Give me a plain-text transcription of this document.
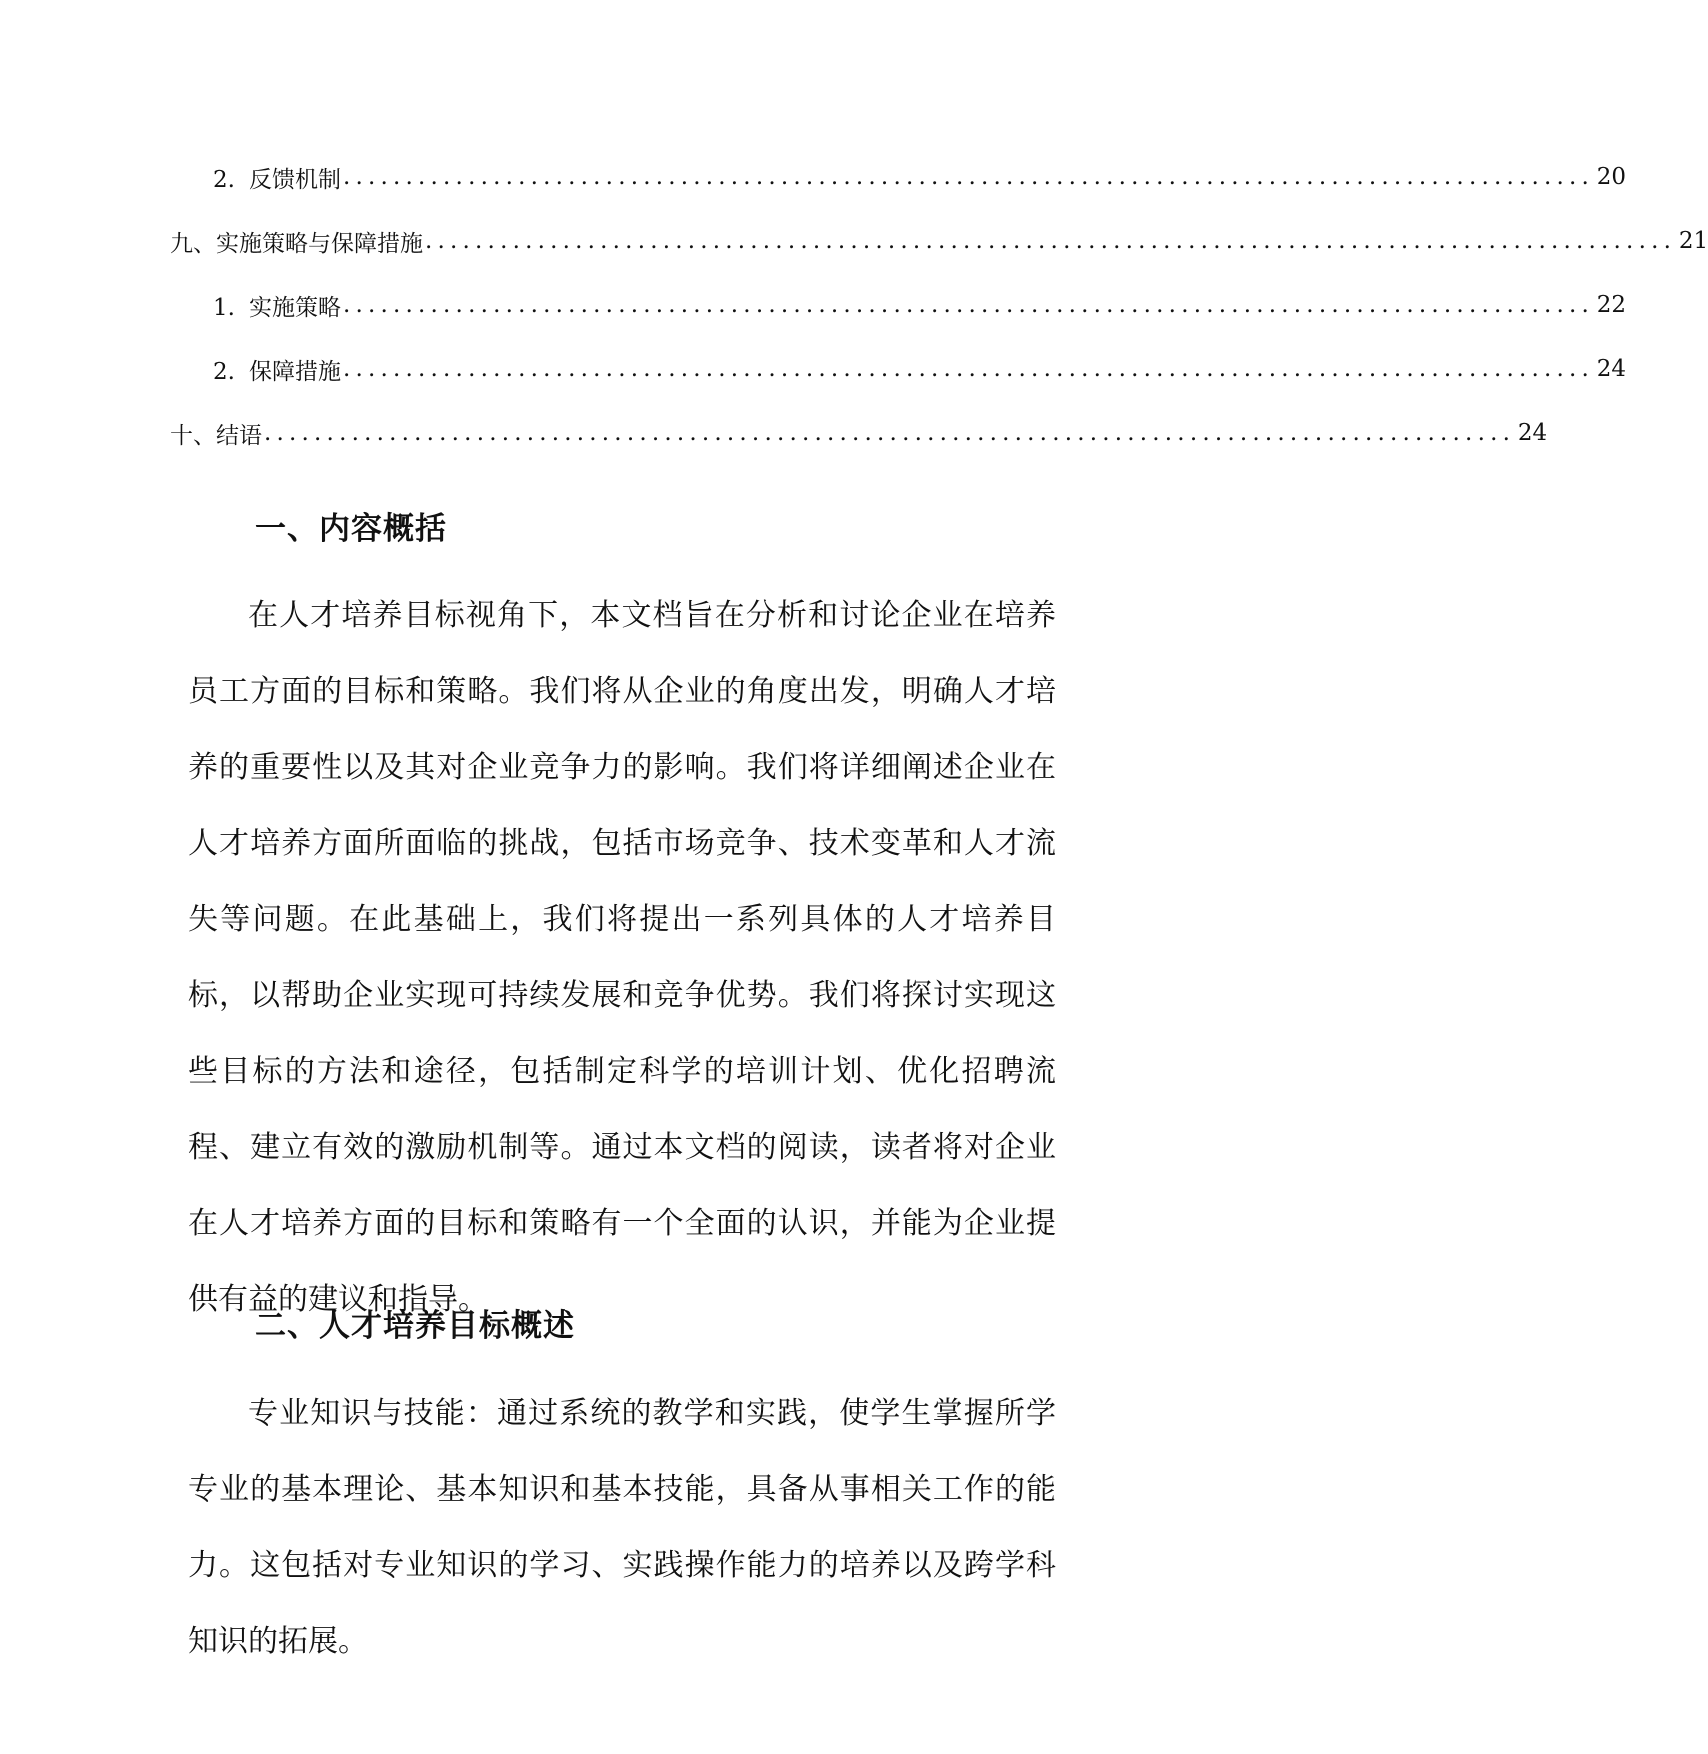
2. 反馈机制 .................................................................................................... 20
九、实施策略与保障措施 .................................................................................................... 21
1. 实施策略 .................................................................................................... 22
2. 保障措施 .................................................................................................... 24
十、结语 .................................................................................................... 24
一、内容概括

在人才培养目标视角下，本文档旨在分析和讨论企业在培养员工方面的目标和策略。我们将从企业的角度出发，明确人才培养的重要性以及其对企业竞争力的影响。我们将详细阐述企业在人才培养方面所面临的挑战，包括市场竞争、技术变革和人才流失等问题。在此基础上，我们将提出一系列具体的人才培养目标，以帮助企业实现可持续发展和竞争优势。我们将探讨实现这些目标的方法和途径，包括制定科学的培训计划、优化招聘流程、建立有效的激励机制等。通过本文档的阅读，读者将对企业在人才培养方面的目标和策略有一个全面的认识，并能为企业提供有益的建议和指导。

二、人才培养目标概述

专业知识与技能：通过系统的教学和实践，使学生掌握所学专业的基本理论、基本知识和基本技能，具备从事相关工作的能力。这包括对专业知识的学习、实践操作能力的培养以及跨学科知识的拓展。
